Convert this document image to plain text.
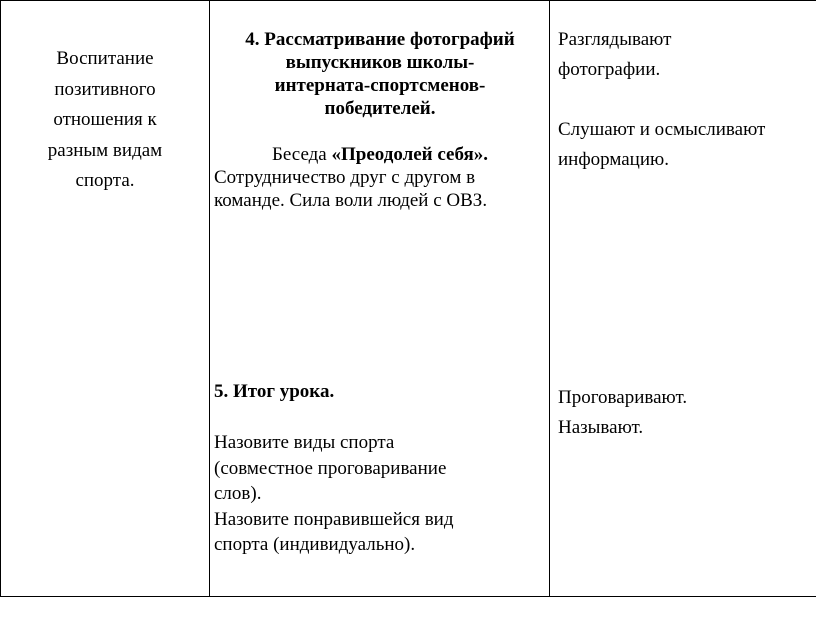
Воспитание
позитивного
отношения к
разным видам
спорта.
4. Рассматривание фотографий
выпускников школы-
интерната-спортсменов-
победителей.
Беседа «Преодолей себя».
Сотрудничество друг с другом в
команде. Сила воли людей с ОВЗ.
5. Итог урока.
Назовите виды спорта
(совместное проговаривание
слов).
Назовите понравившейся вид
спорта (индивидуально).
Разглядывают
фотографии.
Слушают и осмысливают
информацию.
Проговаривают.
Называют.
